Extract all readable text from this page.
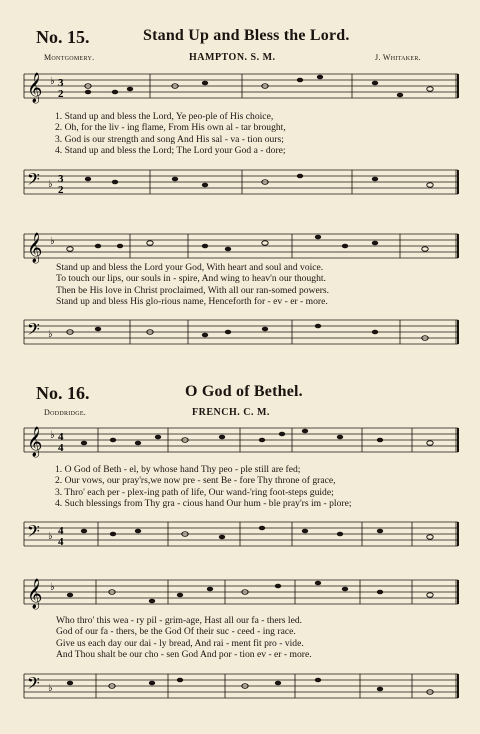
No. 15.	Stand Up and Bless the Lord.
Montgomery.	HAMPTON. S. M.	J. Whitaker.
𝄞 ♭ 3
2
1. Stand up and bless the Lord, Ye peo-ple of His choice,
2. Oh, for the liv - ing flame, From His own al - tar brought,
3. God is our strength and song And His sal - va - tion ours;
4. Stand up and bless the Lord; The Lord your God a - dore;
𝄢 ♭ 3
2
𝄞 ♭
Stand up and bless the Lord your God, With heart and soul and voice.
To touch our lips, our souls in - spire, And wing to heav'n our thought.
Then be His love in Christ proclaimed, With all our ran-somed powers.
Stand up and bless His glo-rious name, Henceforth for - ev - er - more.
𝄢 ♭
No. 16.	O God of Bethel.
Doddridge.	FRENCH. C. M.
𝄞 ♭ 4
4
1. O God of Beth - el, by whose hand Thy peo - ple still are fed;
2. Our vows, our pray'rs,we now pre - sent Be - fore Thy throne of grace,
3. Thro' each per - plex-ing path of life, Our wand-'ring foot-steps guide;
4. Such blessings from Thy gra - cious hand Our hum - ble pray'rs im - plore;
𝄢 ♭ 4
4
Who thro' this wea - ry pil - grim-age, Hast all our fa - thers led.
God of our fa - thers, be the God Of their suc - ceed - ing race.
Give us each day our dai - ly bread, And rai - ment fit pro - vide.
And Thou shalt be our cho - sen God And por - tion ev - er - more.
𝄞 ♭
𝄢 ♭
